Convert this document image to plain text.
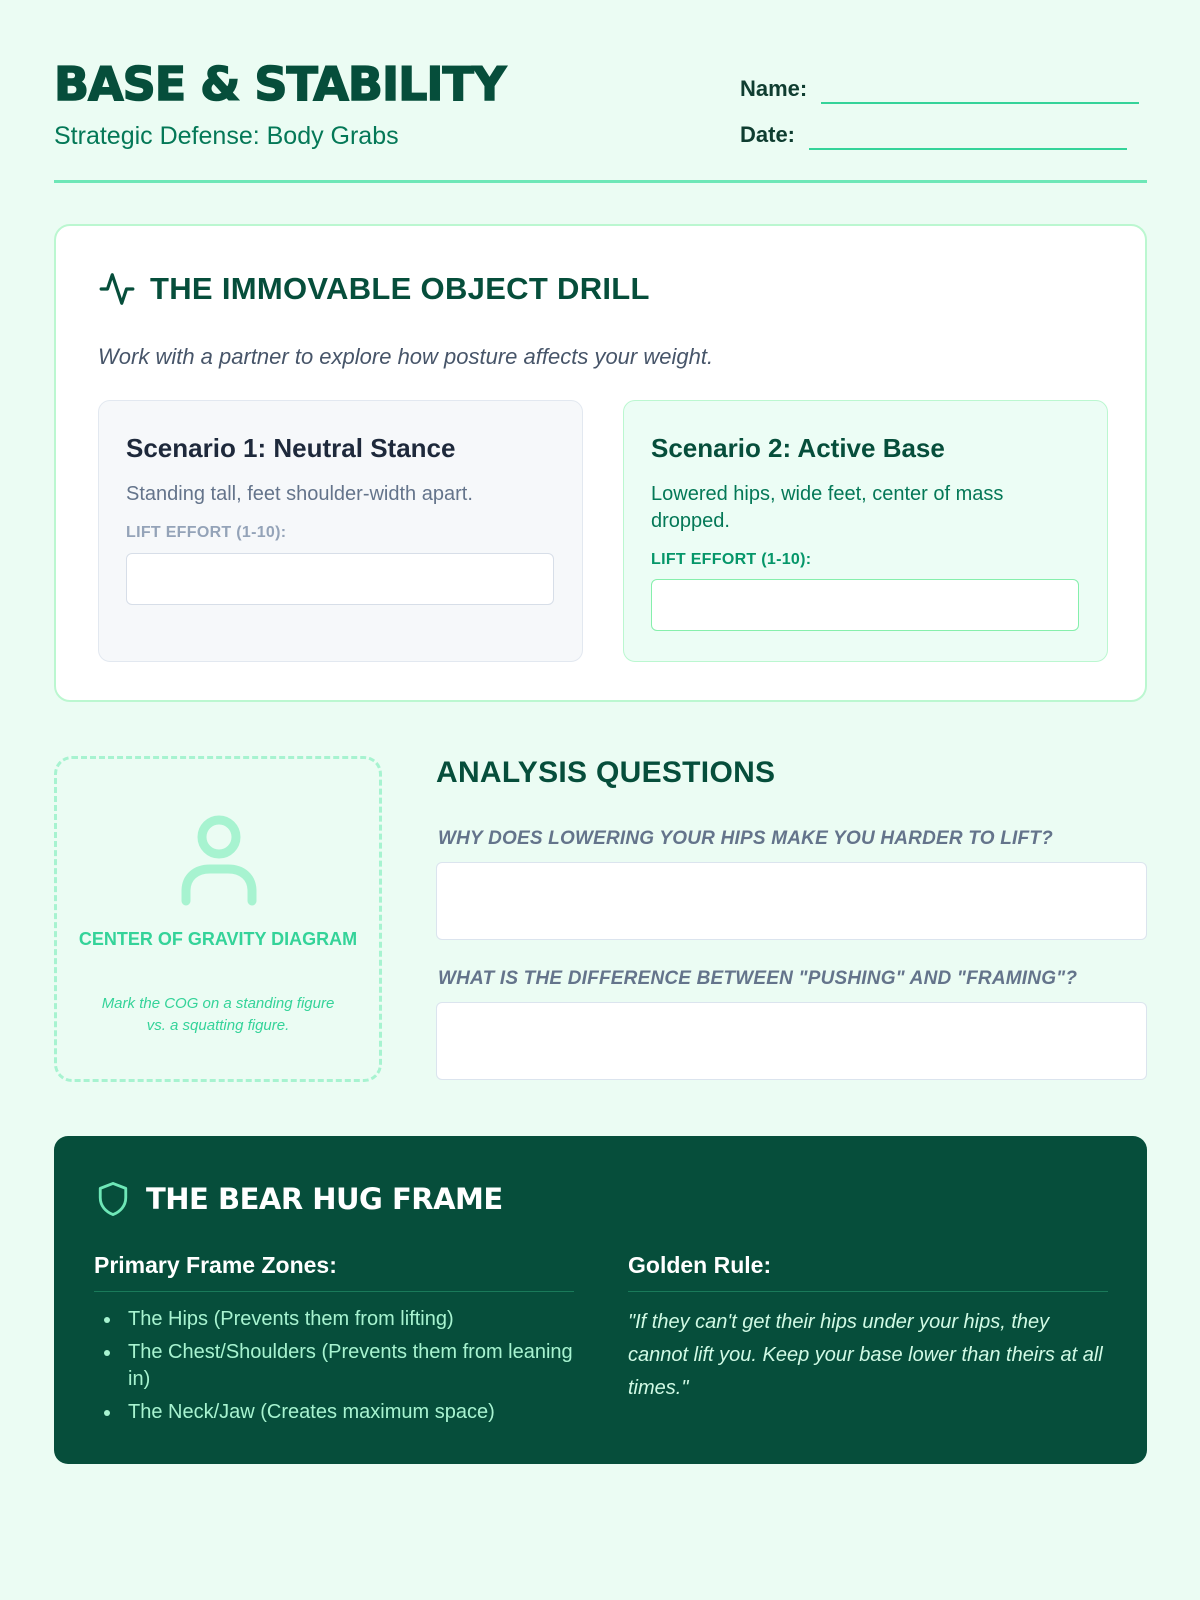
BASE & STABILITY
Strategic Defense: Body Grabs
Name:
Date:
THE IMMOVABLE OBJECT DRILL
Work with a partner to explore how posture affects your weight.
Scenario 1: Neutral Stance
Standing tall, feet shoulder-width apart.
LIFT EFFORT (1-10):
Scenario 2: Active Base
Lowered hips, wide feet, center of mass dropped.
LIFT EFFORT (1-10):
CENTER OF GRAVITY DIAGRAM
Mark the COG on a standing figure vs. a squatting figure.
ANALYSIS QUESTIONS
WHY DOES LOWERING YOUR HIPS MAKE YOU HARDER TO LIFT?
WHAT IS THE DIFFERENCE BETWEEN "PUSHING" AND "FRAMING"?
THE BEAR HUG FRAME
Primary Frame Zones:
The Hips (Prevents them from lifting)
The Chest/Shoulders (Prevents them from leaning in)
The Neck/Jaw (Creates maximum space)
Golden Rule:
"If they can't get their hips under your hips, they cannot lift you. Keep your base lower than theirs at all times."
